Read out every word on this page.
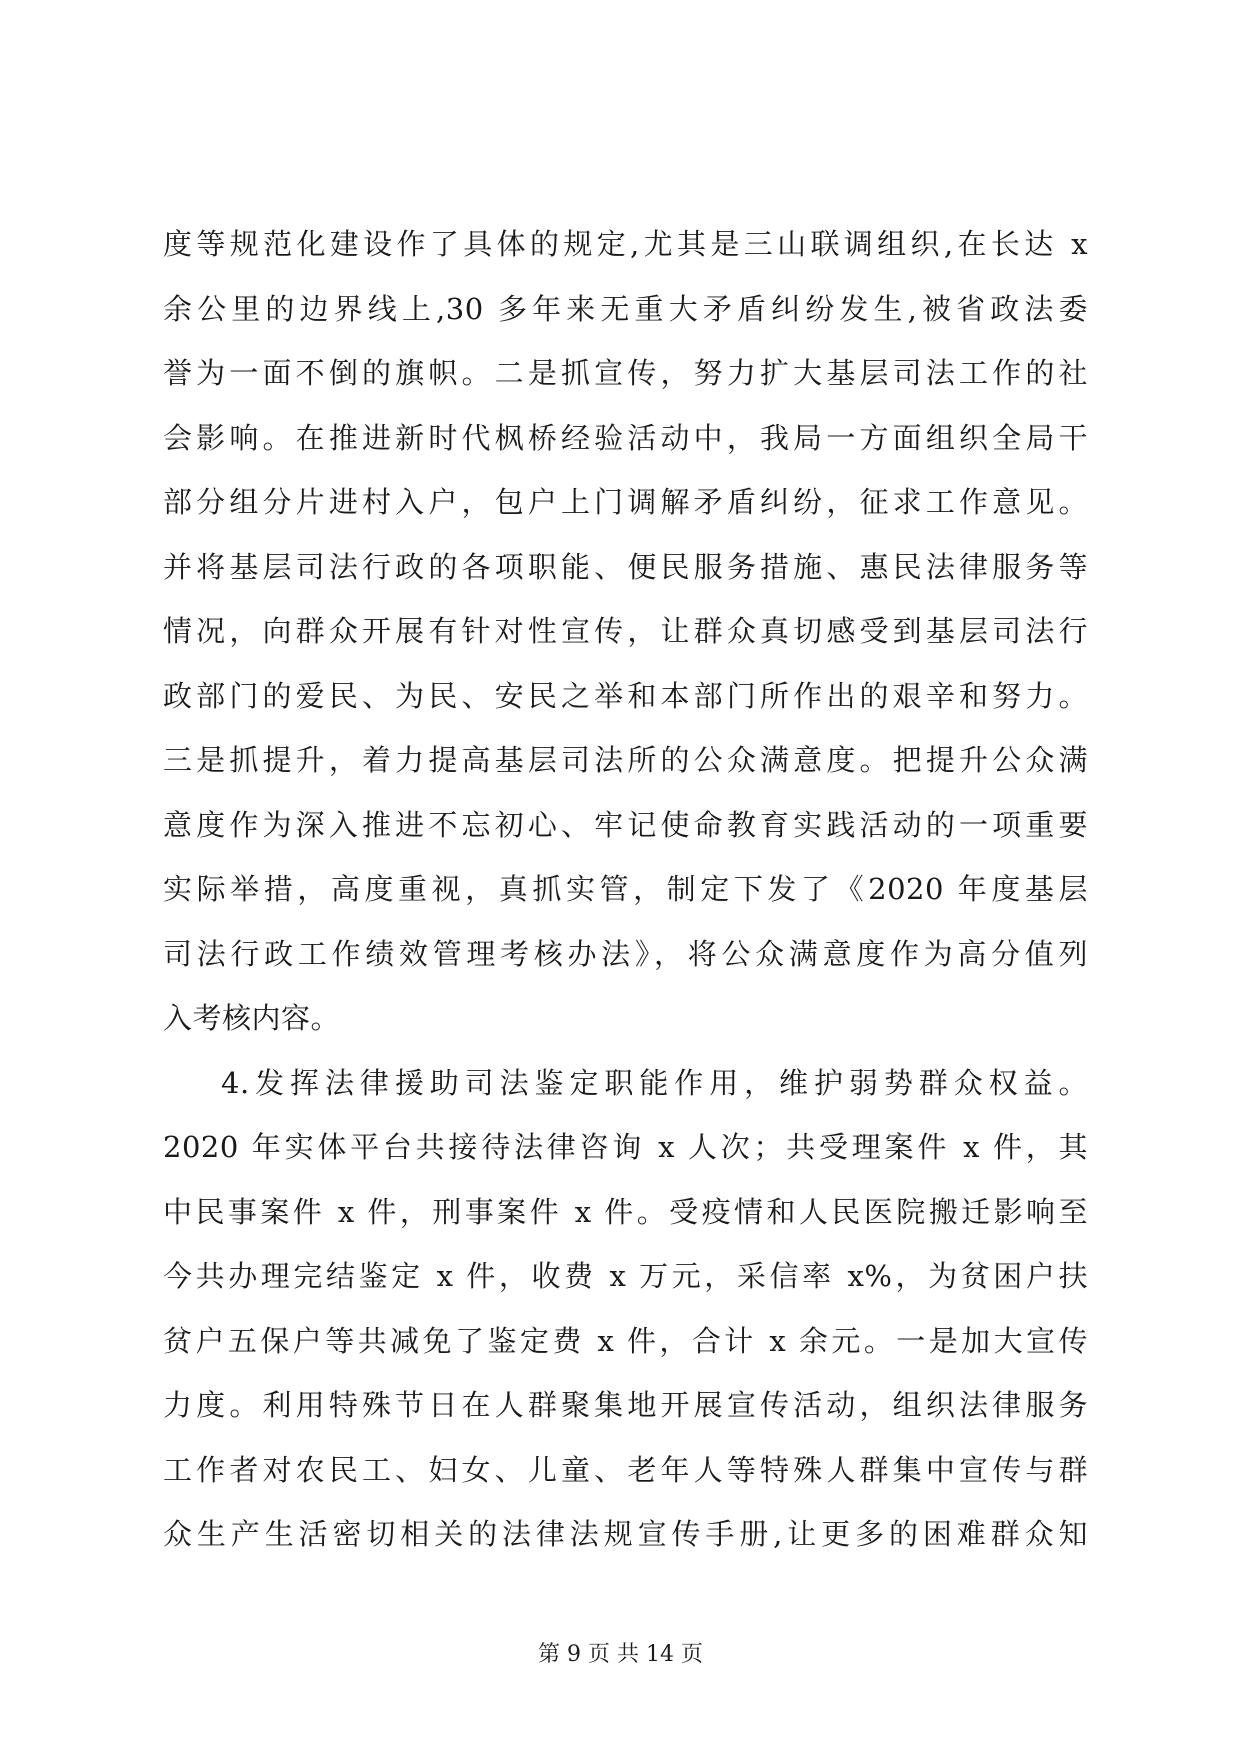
度等规范化建设作了具体的规定,尤其是三山联调组织,在长达 x
余公里的边界线上,30 多年来无重大矛盾纠纷发生,被省政法委
誉为一面不倒的旗帜。二是抓宣传，努力扩大基层司法工作的社
会影响。在推进新时代枫桥经验活动中，我局一方面组织全局干
部分组分片进村入户，包户上门调解矛盾纠纷，征求工作意见。
并将基层司法行政的各项职能、便民服务措施、惠民法律服务等
情况，向群众开展有针对性宣传，让群众真切感受到基层司法行
政部门的爱民、为民、安民之举和本部门所作出的艰辛和努力。
三是抓提升，着力提高基层司法所的公众满意度。把提升公众满
意度作为深入推进不忘初心、牢记使命教育实践活动的一项重要
实际举措，高度重视，真抓实管，制定下发了《2020 年度基层
司法行政工作绩效管理考核办法》，将公众满意度作为高分值列
入考核内容。
4.发挥法律援助司法鉴定职能作用，维护弱势群众权益。
2020 年实体平台共接待法律咨询 x 人次；共受理案件 x 件，其
中民事案件 x 件，刑事案件 x 件。受疫情和人民医院搬迁影响至
今共办理完结鉴定 x 件，收费 x 万元，采信率 x%，为贫困户扶
贫户五保户等共减免了鉴定费 x 件，合计 x 余元。一是加大宣传
力度。利用特殊节日在人群聚集地开展宣传活动，组织法律服务
工作者对农民工、妇女、儿童、老年人等特殊人群集中宣传与群
众生产生活密切相关的法律法规宣传手册,让更多的困难群众知
第 9 页 共 14 页
